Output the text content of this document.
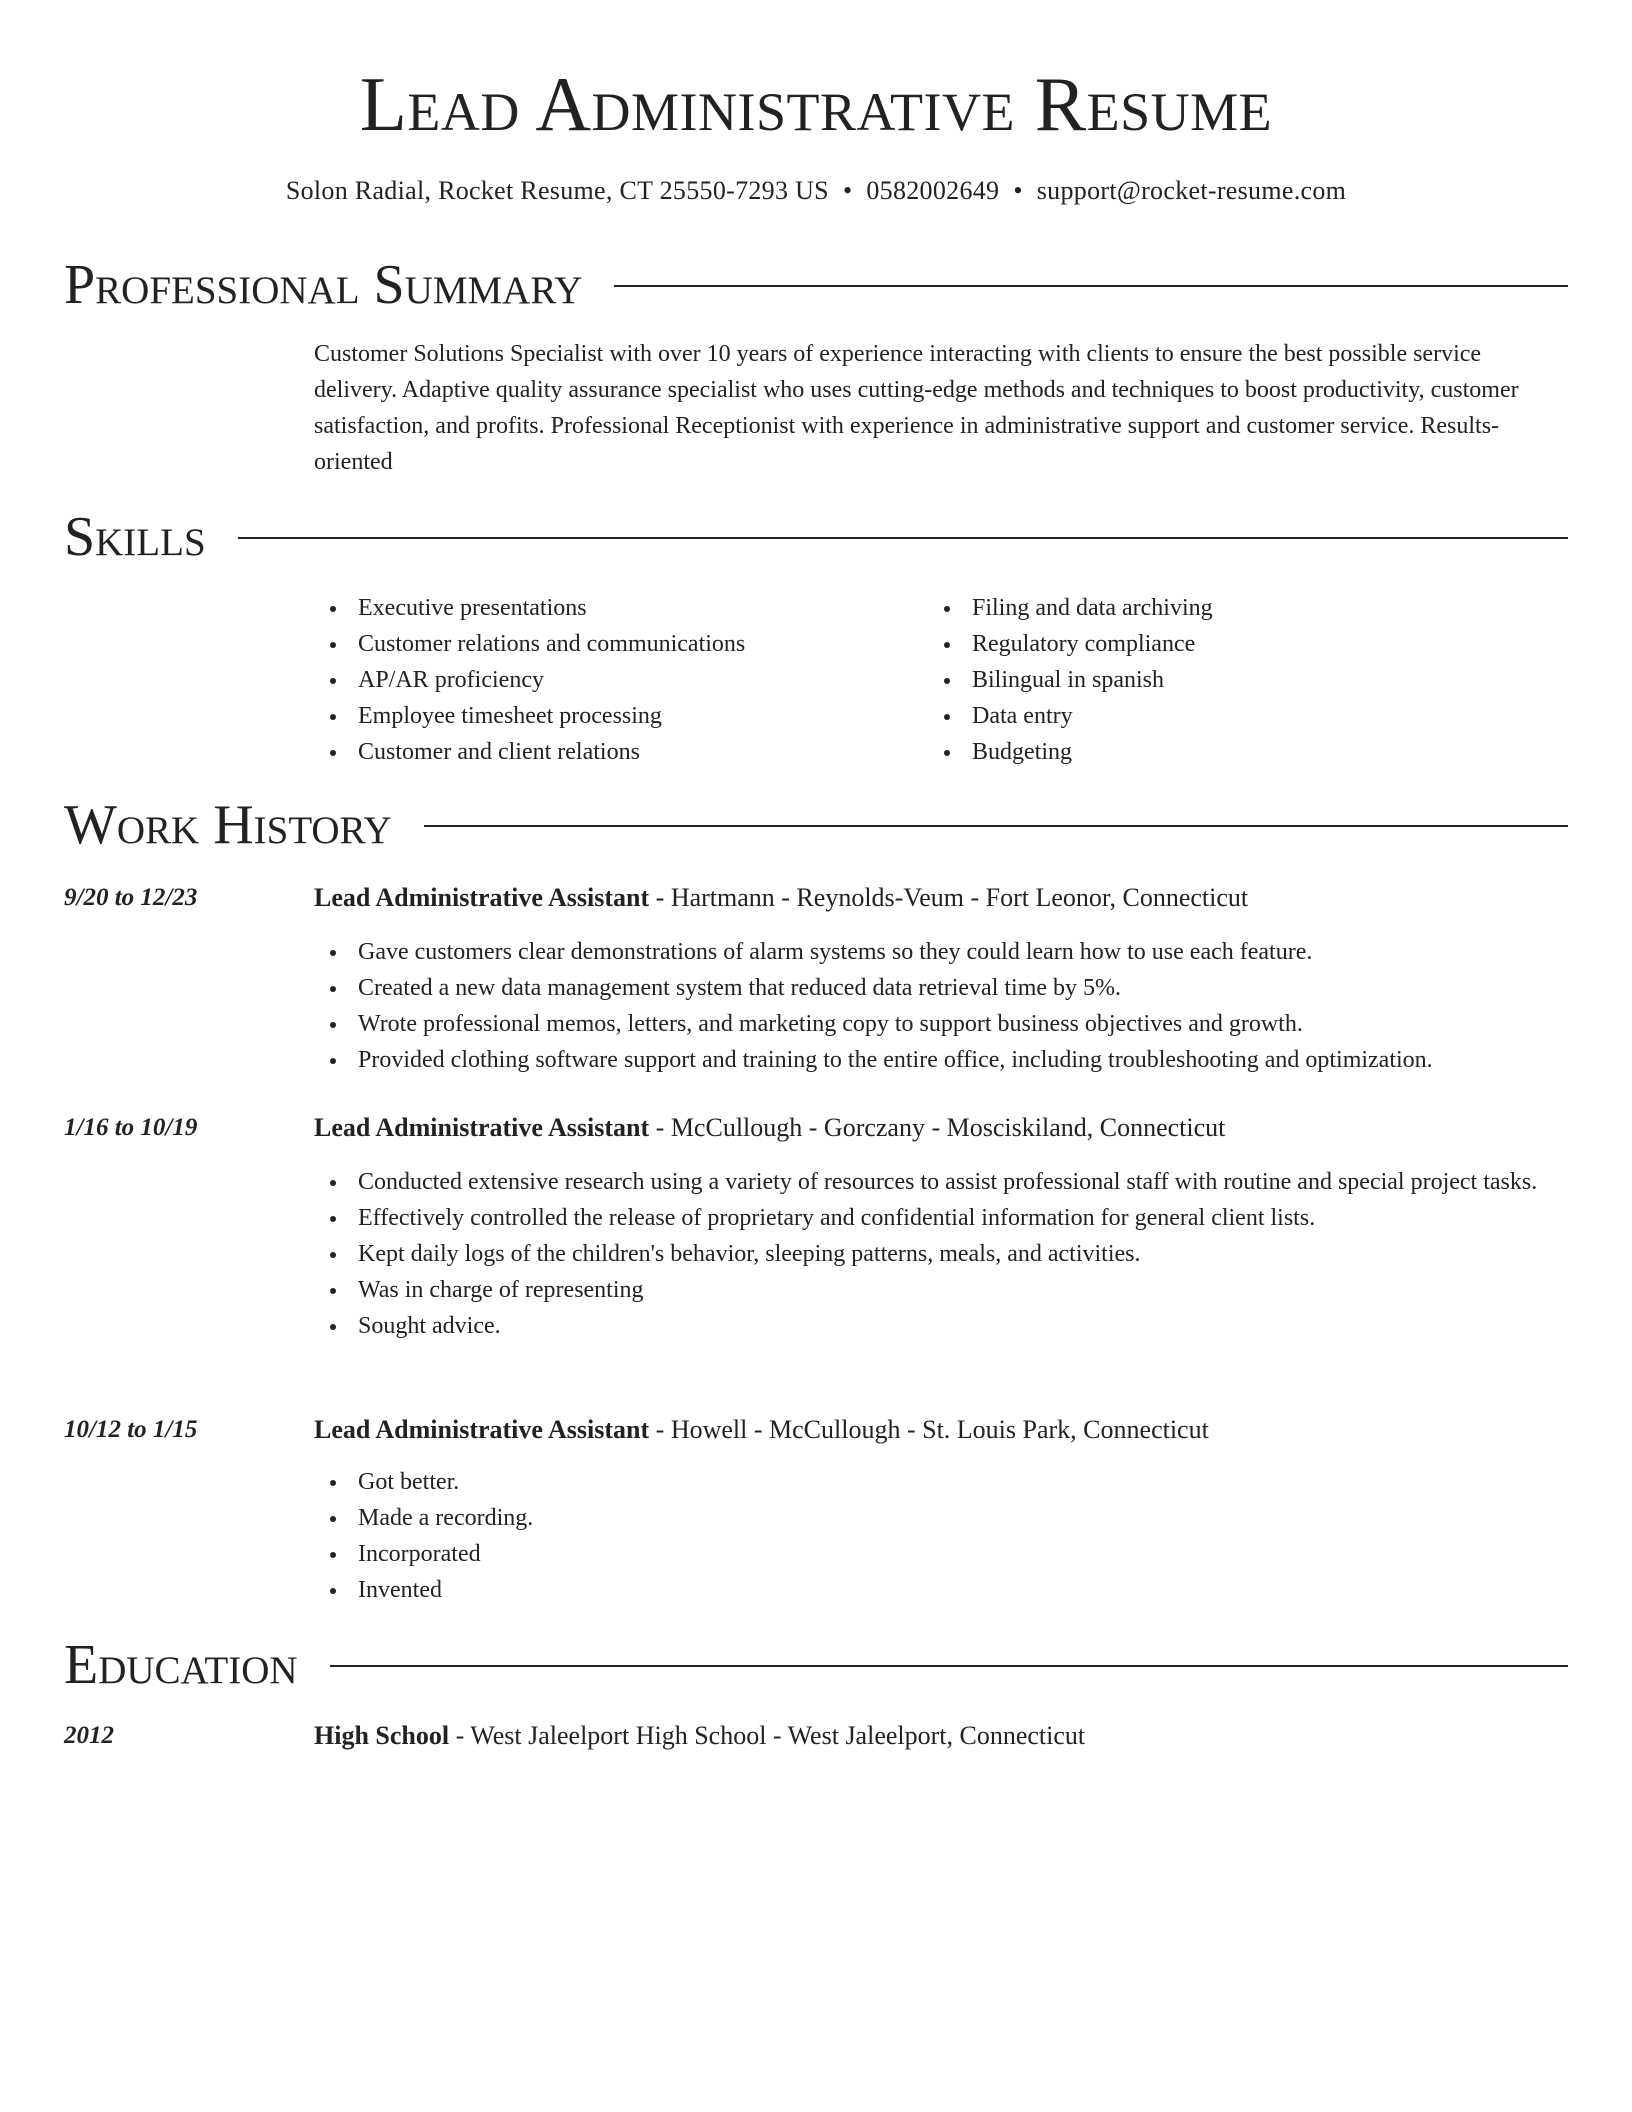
Lead Administrative Resume
Solon Radial, Rocket Resume, CT 25550-7293 US • 0582002649 • support@rocket-resume.com
Professional Summary
Customer Solutions Specialist with over 10 years of experience interacting with clients to ensure the best possible service delivery. Adaptive quality assurance specialist who uses cutting-edge methods and techniques to boost productivity, customer satisfaction, and profits. Professional Receptionist with experience in administrative support and customer service. Results-oriented
Skills
Executive presentations
Customer relations and communications
AP/AR proficiency
Employee timesheet processing
Customer and client relations
Filing and data archiving
Regulatory compliance
Bilingual in spanish
Data entry
Budgeting
Work History
9/20 to 12/23	Lead Administrative Assistant - Hartmann - Reynolds-Veum - Fort Leonor, Connecticut
Gave customers clear demonstrations of alarm systems so they could learn how to use each feature.
Created a new data management system that reduced data retrieval time by 5%.
Wrote professional memos, letters, and marketing copy to support business objectives and growth.
Provided clothing software support and training to the entire office, including troubleshooting and optimization.
1/16 to 10/19	Lead Administrative Assistant - McCullough - Gorczany - Mosciskiland, Connecticut
Conducted extensive research using a variety of resources to assist professional staff with routine and special project tasks.
Effectively controlled the release of proprietary and confidential information for general client lists.
Kept daily logs of the children's behavior, sleeping patterns, meals, and activities.
Was in charge of representing
Sought advice.
10/12 to 1/15	Lead Administrative Assistant - Howell - McCullough - St. Louis Park, Connecticut
Got better.
Made a recording.
Incorporated
Invented
Education
2012	High School - West Jaleelport High School - West Jaleelport, Connecticut
